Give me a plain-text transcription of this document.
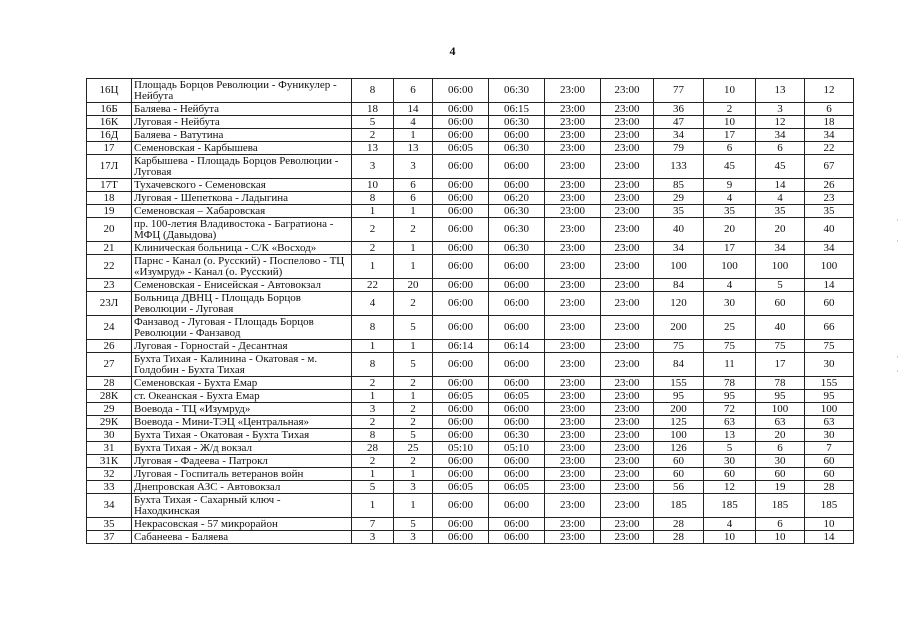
4
16Ц	Площадь Борцов Революции - Фуникулер - Нейбута	8	6	06:00	06:30	23:00	23:00	77	10	13	12
16Б	Баляева - Нейбута	18	14	06:00	06:15	23:00	23:00	36	2	3	6
16К	Луговая - Нейбута	5	4	06:00	06:30	23:00	23:00	47	10	12	18
16Д	Баляева - Ватутина	2	1	06:00	06:00	23:00	23:00	34	17	34	34
17	Семеновская - Карбышева	13	13	06:05	06:30	23:00	23:00	79	6	6	22
17Л	Карбышева - Площадь Борцов Революции - Луговая	3	3	06:00	06:00	23:00	23:00	133	45	45	67
17Т	Тухачевского - Семеновская	10	6	06:00	06:00	23:00	23:00	85	9	14	26
18	Луговая - Шепеткова - Ладыгина	8	6	06:00	06:20	23:00	23:00	29	4	4	23
19	Семеновская – Хабаровская	1	1	06:00	06:30	23:00	23:00	35	35	35	35
20	пр. 100-летия Владивостока - Багратиона - МФЦ (Давыдова)	2	2	06:00	06:30	23:00	23:00	40	20	20	40
21	Клиническая больница - С/К «Восход»	2	1	06:00	06:30	23:00	23:00	34	17	34	34
22	Парнс - Канал (о. Русский) - Поспелово - ТЦ «Изумруд» - Канал (о. Русский)	1	1	06:00	06:00	23:00	23:00	100	100	100	100
23	Семеновская - Енисейская - Автовокзал	22	20	06:00	06:00	23:00	23:00	84	4	5	14
23Л	Больница ДВНЦ - Площадь Борцов Революции - Луговая	4	2	06:00	06:00	23:00	23:00	120	30	60	60
24	Фанзавод - Луговая - Площадь Борцов Революции - Фанзавод	8	5	06:00	06:00	23:00	23:00	200	25	40	66
26	Луговая - Горностай - Десантная	1	1	06:14	06:14	23:00	23:00	75	75	75	75
27	Бухта Тихая - Калинина - Окатовая - м. Голдобин - Бухта Тихая	8	5	06:00	06:00	23:00	23:00	84	11	17	30
28	Семеновская - Бухта Емар	2	2	06:00	06:00	23:00	23:00	155	78	78	155
28К	ст. Океанская - Бухта Емар	1	1	06:05	06:05	23:00	23:00	95	95	95	95
29	Воевода - ТЦ «Изумруд»	3	2	06:00	06:00	23:00	23:00	200	72	100	100
29К	Воевода - Мини-ТЭЦ «Центральная»	2	2	06:00	06:00	23:00	23:00	125	63	63	63
30	Бухта Тихая - Окатовая - Бухта Тихая	8	5	06:00	06:30	23:00	23:00	100	13	20	30
31	Бухта Тихая - Ж/д вокзал	28	25	05:10	05:10	23:00	23:00	126	5	6	7
31К	Луговая - Фадеева - Патрокл	2	2	06:00	06:00	23:00	23:00	60	30	30	60
32	Луговая - Госпиталь ветеранов войн	1	1	06:00	06:00	23:00	23:00	60	60	60	60
33	Днепровская АЗС - Автовокзал	5	3	06:05	06:05	23:00	23:00	56	12	19	28
34	Бухта Тихая - Сахарный ключ - Находкинская	1	1	06:00	06:00	23:00	23:00	185	185	185	185
35	Некрасовская - 57 микрорайон	7	5	06:00	06:00	23:00	23:00	28	4	6	10
37	Сабанеева - Баляева	3	3	06:00	06:00	23:00	23:00	28	10	10	14
·
·
·
·
